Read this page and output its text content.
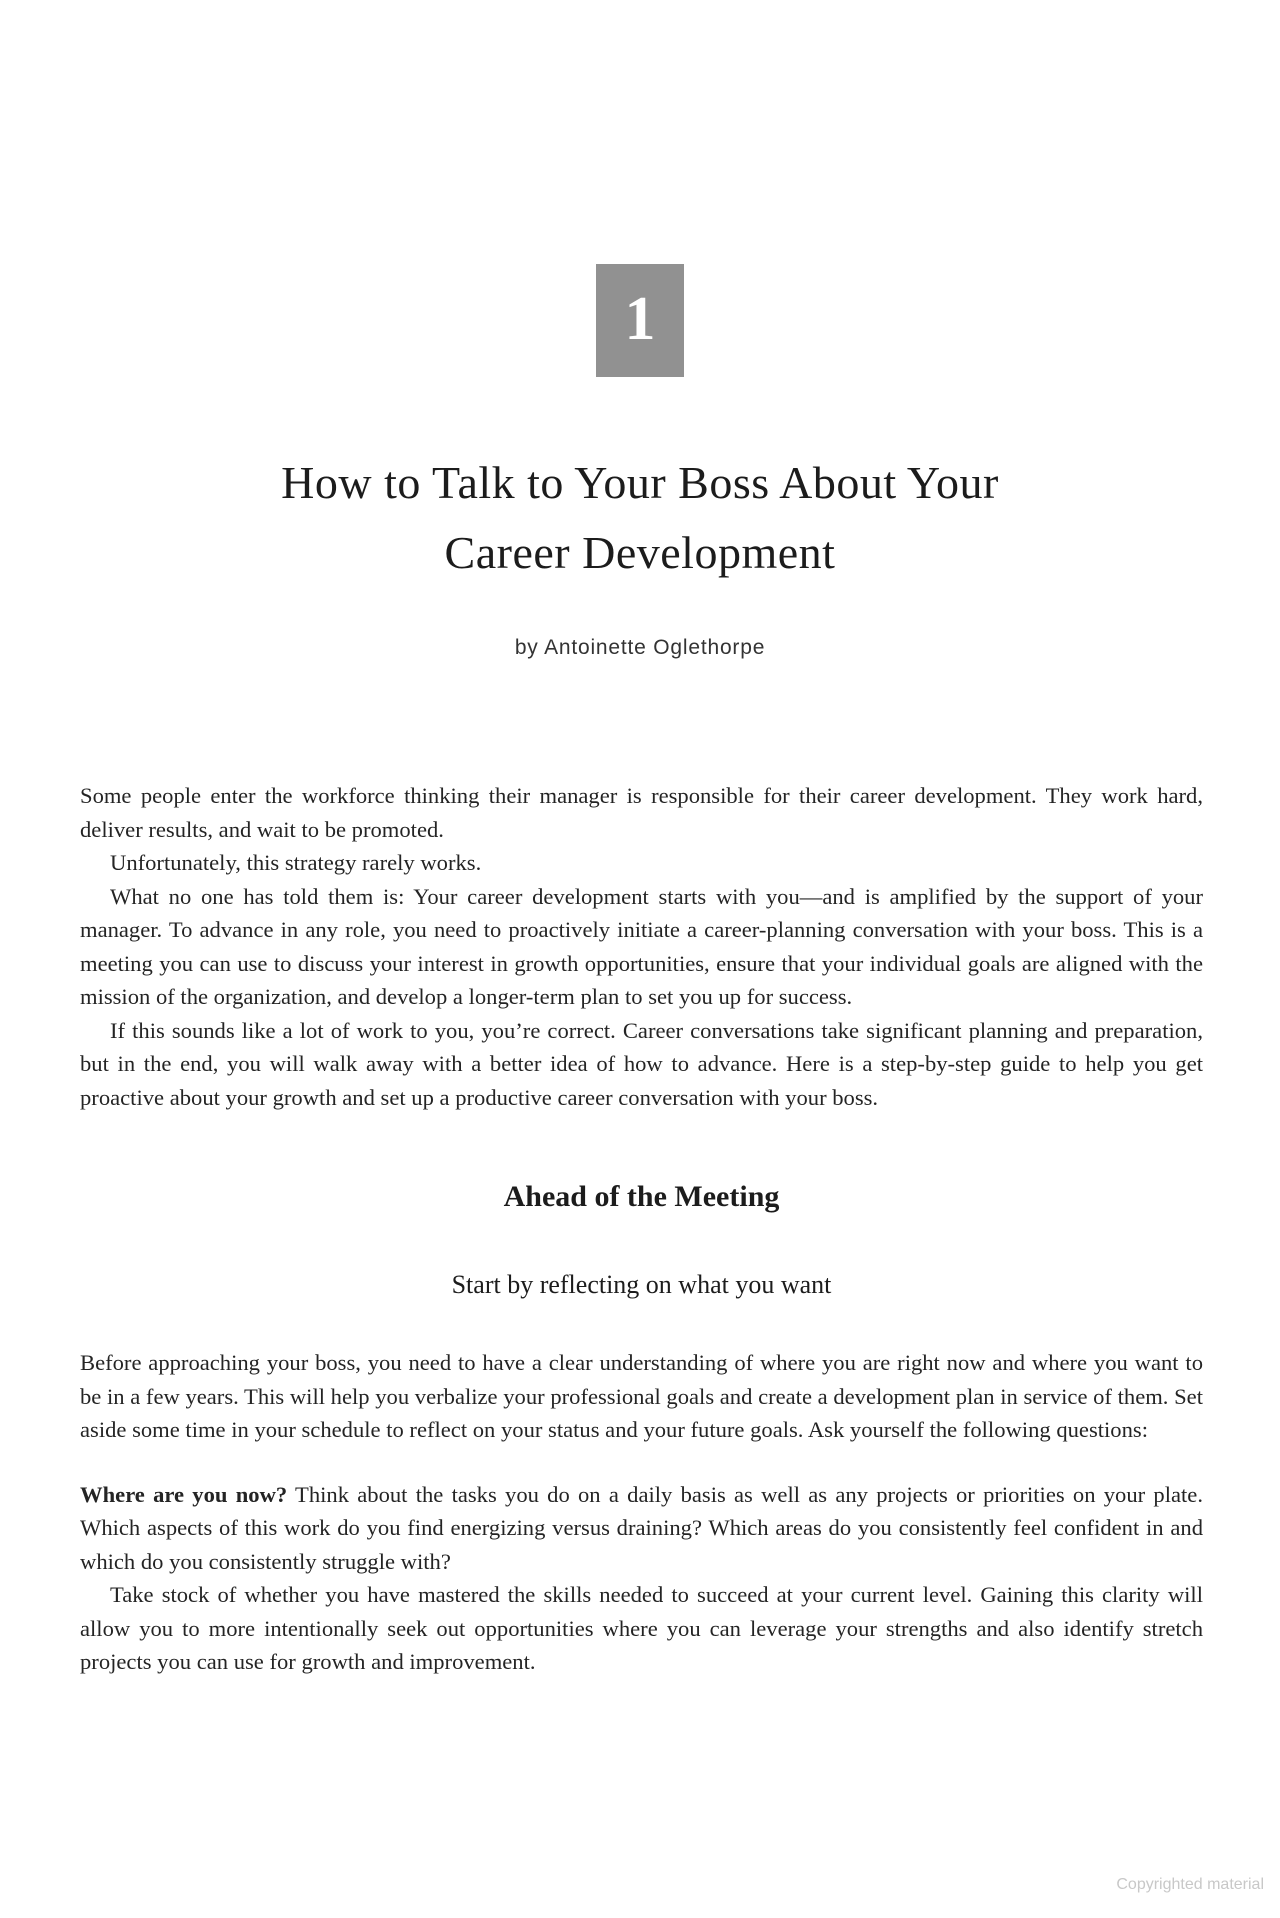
1
How to Talk to Your Boss About Your
Career Development
by Antoinette Oglethorpe

Some people enter the workforce thinking their manager is responsible for their career development. They work hard, deliver results, and wait to be promoted.

Unfortunately, this strategy rarely works.

What no one has told them is: Your career development starts with you—and is amplified by the support of your manager. To advance in any role, you need to proactively initiate a career-planning conversation with your boss. This is a meeting you can use to discuss your interest in growth opportunities, ensure that your individual goals are aligned with the mission of the organization, and develop a longer-term plan to set you up for success.

If this sounds like a lot of work to you, you’re correct. Career conversations take significant planning and preparation, but in the end, you will walk away with a better idea of how to advance. Here is a step-by-step guide to help you get proactive about your growth and set up a productive career conversation with your boss.

Ahead of the Meeting
Start by reflecting on what you want

Before approaching your boss, you need to have a clear understanding of where you are right now and where you want to be in a few years. This will help you verbalize your professional goals and create a development plan in service of them. Set aside some time in your schedule to reflect on your status and your future goals. Ask yourself the following questions:

Where are you now? Think about the tasks you do on a daily basis as well as any projects or priorities on your plate. Which aspects of this work do you find energizing versus draining? Which areas do you consistently feel confident in and which do you consistently struggle with?

Take stock of whether you have mastered the skills needed to succeed at your current level. Gaining this clarity will allow you to more intentionally seek out opportunities where you can leverage your strengths and also identify stretch projects you can use for growth and improvement.

Copyrighted material
